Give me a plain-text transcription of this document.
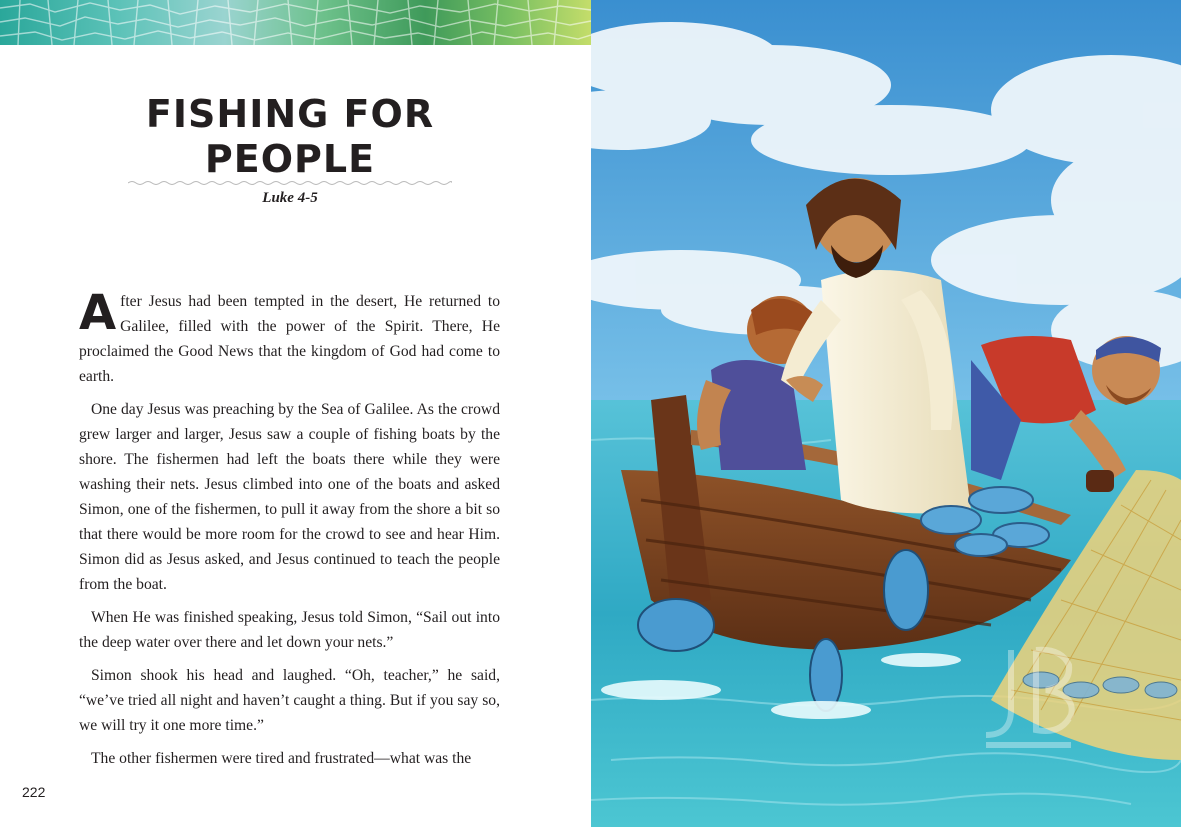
FISHING FOR
PEOPLE
Luke 4-5

After Jesus had been tempted in the desert, He returned to Galilee, filled with the power of the Spirit. There, He proclaimed the Good News that the kingdom of God had come to earth.

One day Jesus was preaching by the Sea of Galilee. As the crowd grew larger and larger, Jesus saw a couple of fishing boats by the shore. The fishermen had left the boats there while they were washing their nets. Jesus climbed into one of the boats and asked Simon, one of the fishermen, to pull it away from the shore a bit so that there would be more room for the crowd to see and hear Him. Simon did as Jesus asked, and Jesus continued to teach the people from the boat.

When He was finished speaking, Jesus told Simon, “Sail out into the deep water over there and let down your nets.”

Simon shook his head and laughed. “Oh, teacher,” he said, “we’ve tried all night and haven’t caught a thing. But if you say so, we will try it one more time.”

The other fishermen were tired and frustrated—what was the

222
